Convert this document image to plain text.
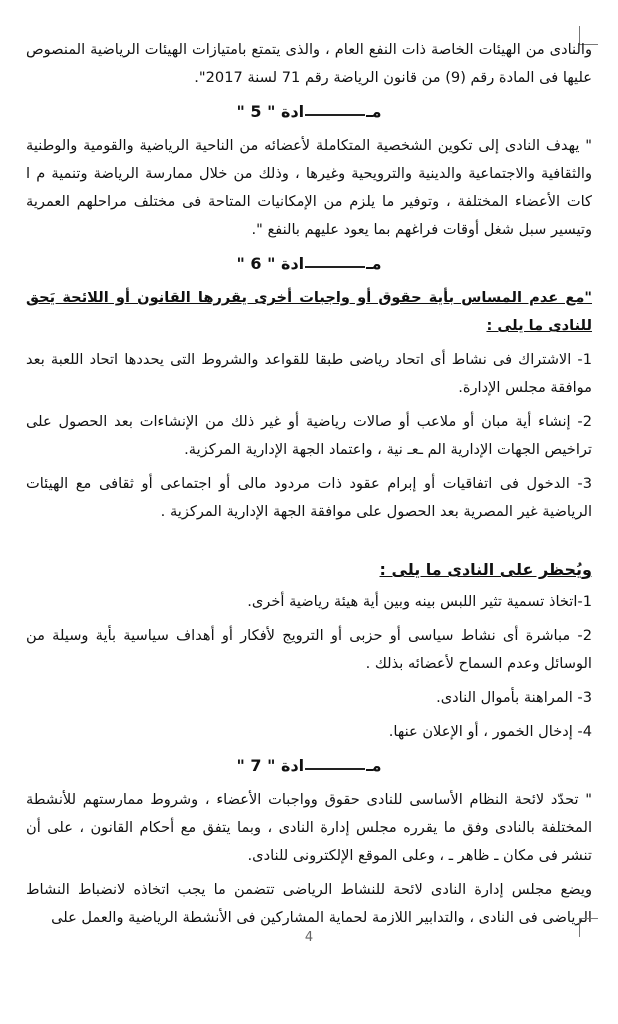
والنادى من الهيئات الخاصة ذات النفع العام ، والذى يتمتع بامتيازات الهيئات الرياضية المنصوص عليها فى المادة رقم (9) من قانون الرياضة رقم 71 لسنة 2017".

مـادة " 5 "

" يهدف النادى إلى تكوين الشخصية المتكاملة لأعضائه من الناحية الرياضية والقومية والوطنية والثقافية والاجتماعية والدينية والترويحية وغيرها ، وذلك من خلال ممارسة الرياضة وتنمية م ا كات الأعضاء المختلفة ، وتوفير ما يلزم من الإمكانيات المتاحة فى مختلف مراحلهم العمرية وتيسير سبل شغل أوقات فراغهم بما يعود عليهم بالنفع ".

مـادة " 6 "

"مع عدم المساس بأية حقوق أو واجبات أخرى يقررها القانون أو اللائحة يَحق للنادى ما يلى :

1- الاشتراك فى نشاط أى اتحاد رياضى طبقا للقواعد والشروط التى يحددها اتحاد اللعبة بعد موافقة مجلس الإدارة.

2- إنشاء أية مبان أو ملاعب أو صالات رياضية أو غير ذلك من الإنشاءات بعد الحصول على تراخيص الجهات الإدارية الم ـعـ نية ، واعتماد الجهة الإدارية المركزية.

3- الدخول فى اتفاقيات أو إبرام عقود ذات مردود مالى أو اجتماعى أو ثقافى مع الهيئات الرياضية غير المصرية بعد الحصول على موافقة الجهة الإدارية المركزية .

ويُحظر على النادى ما يلى :

1-اتخاذ تسمية تثير اللبس بينه وبين أية هيئة رياضية أخرى.

2- مباشرة أى نشاط سياسى أو حزبى أو الترويج لأفكار أو أهداف سياسية بأية وسيلة من الوسائل وعدم السماح لأعضائه بذلك .

3- المراهنة بأموال النادى.

4- إدخال الخمور ، أو الإعلان عنها.

مـادة " 7 "

" تحدّد لائحة النظام الأساسى للنادى حقوق وواجبات الأعضاء ، وشروط ممارستهم للأنشطة المختلفة بالنادى وفق ما يقرره مجلس إدارة النادى ، وبما يتفق مع أحكام القانون ، على أن تنشر فى مكان ـ ظاهر ـ ، وعلى الموقع الإلكترونى للنادى.

ويضع مجلس إدارة النادى لائحة للنشاط الرياضى تتضمن ما يجب اتخاذه لانضباط النشاط الرياضى فى النادى ، والتدابير اللازمة لحماية المشاركين فى الأنشطة الرياضية والعمل على

4
